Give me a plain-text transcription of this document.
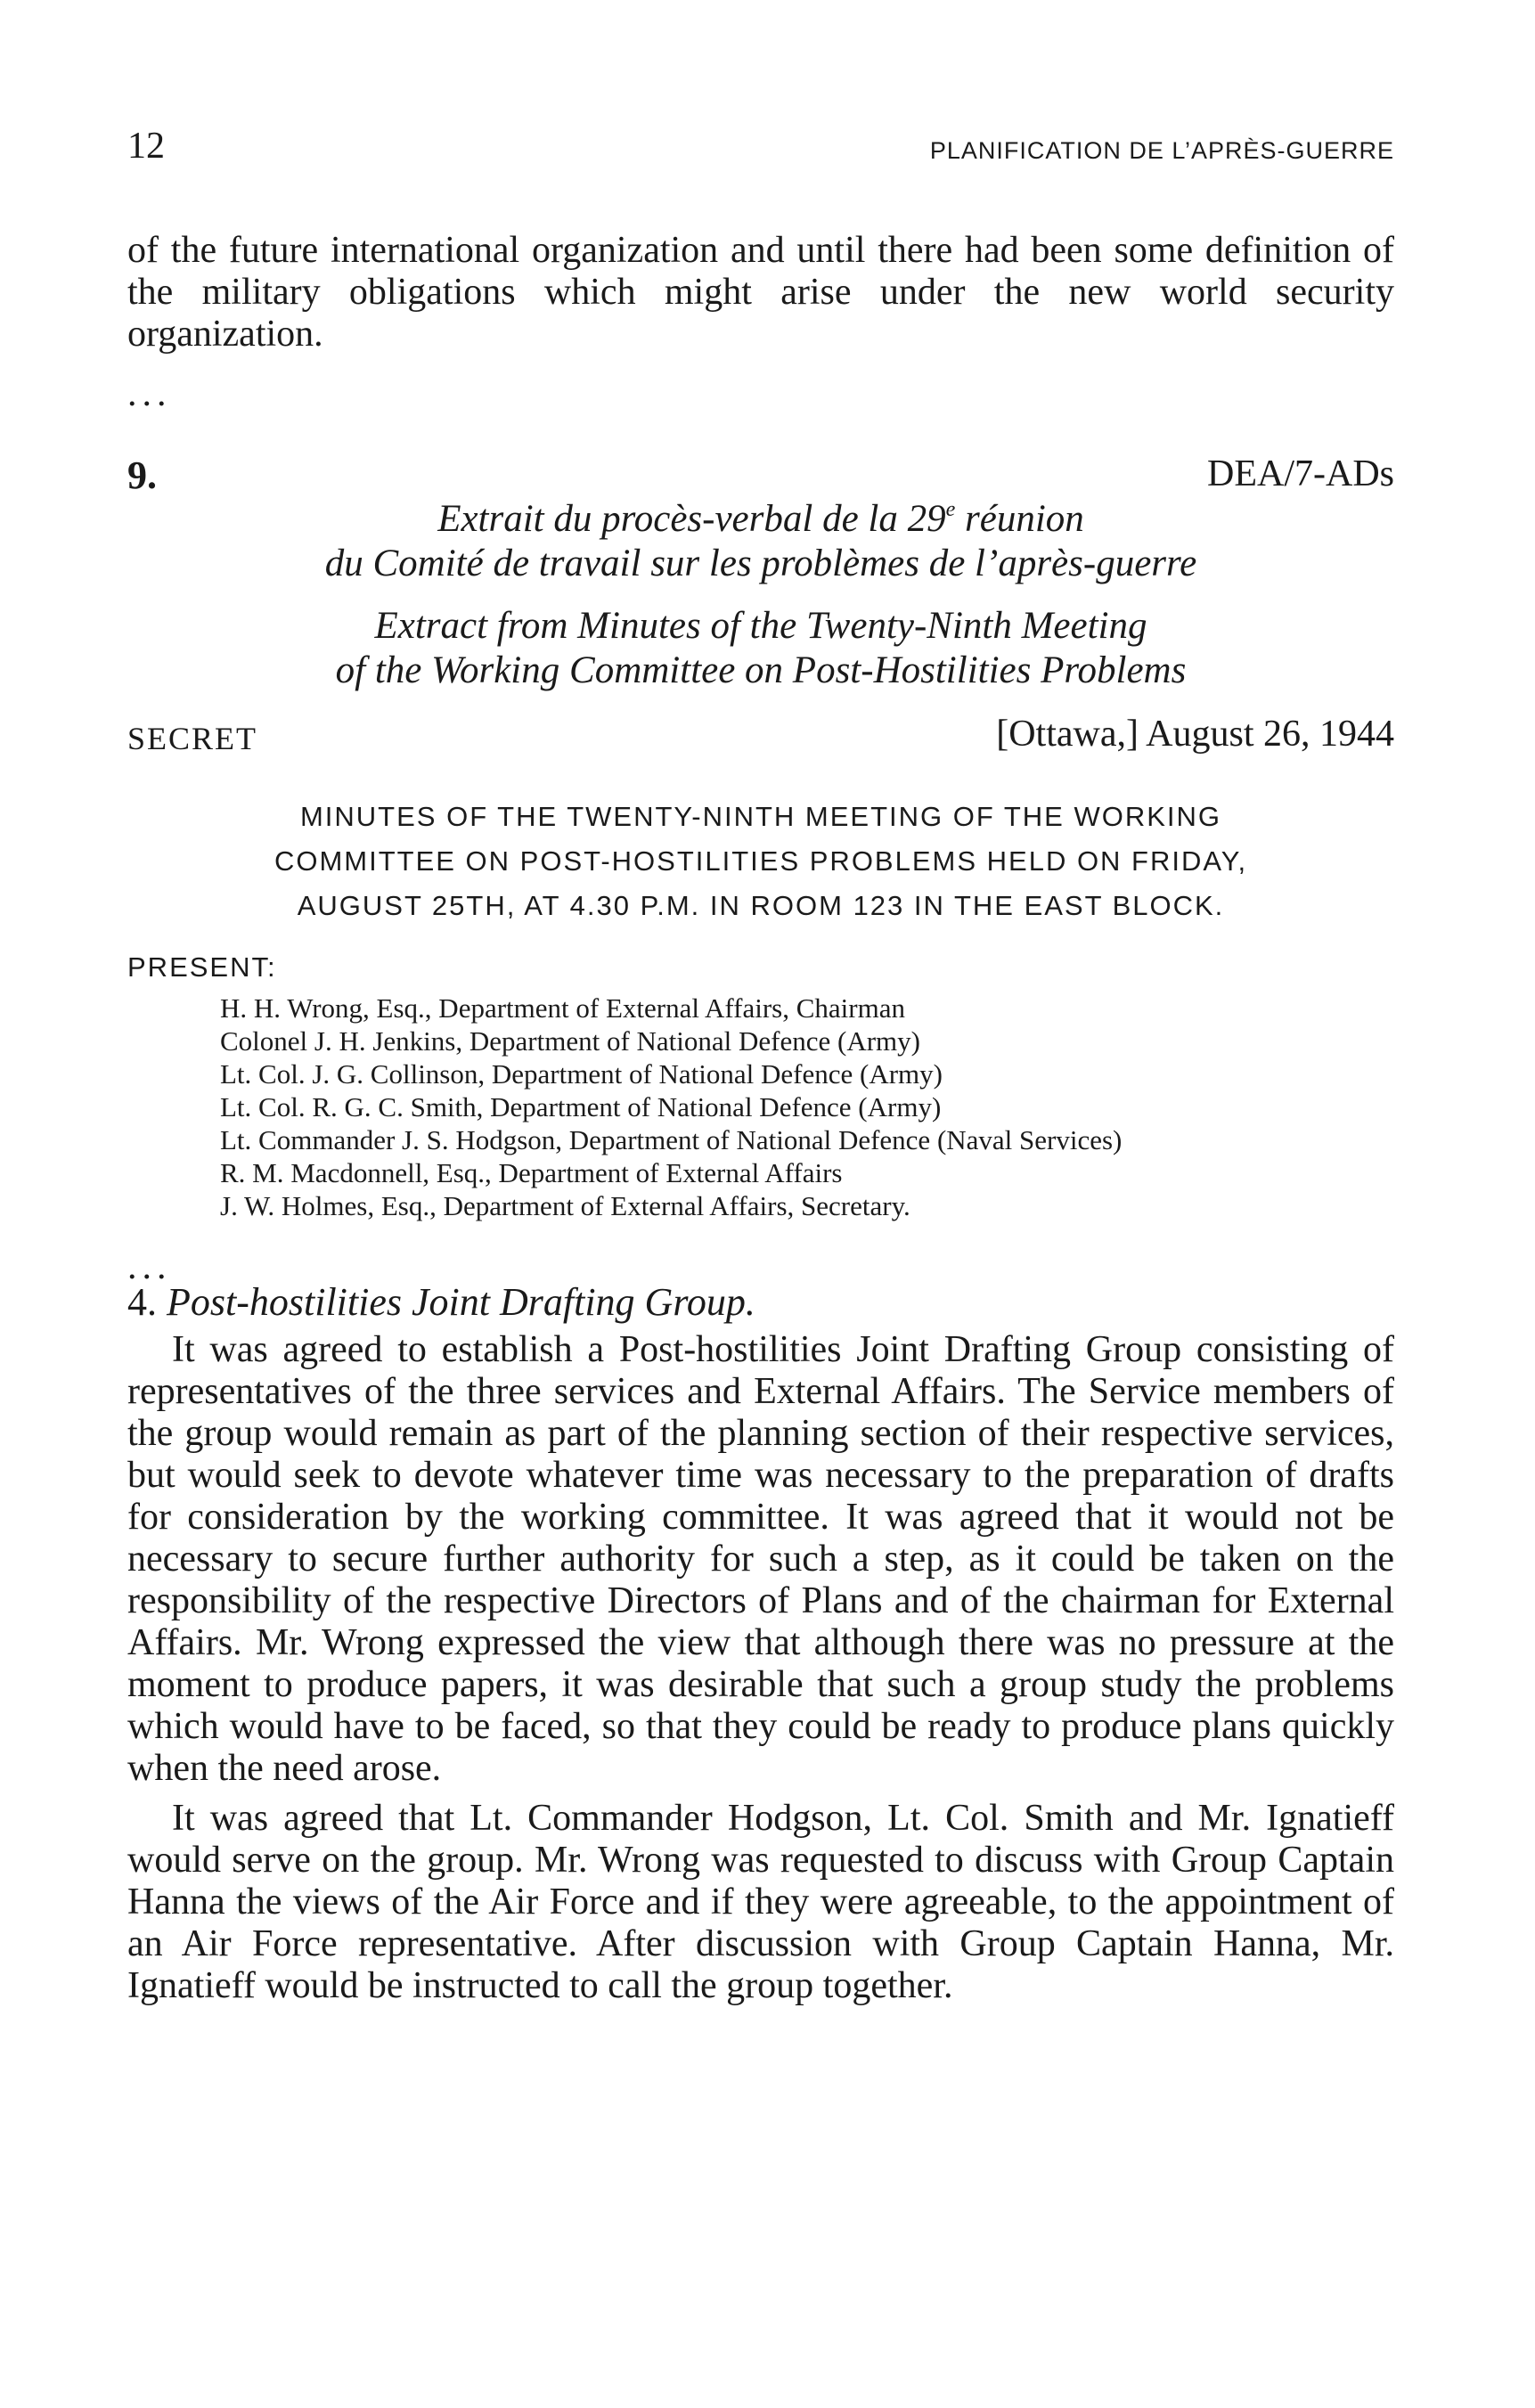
12	PLANIFICATION DE L’APRÈS-GUERRE

of the future international organization and until there had been some definition of the military obligations which might arise under the new world security organization.

...
9.	DEA/7-ADs
Extrait du procès-verbal de la 29e réunion
du Comité de travail sur les problèmes de l’après-guerre
Extract from Minutes of the Twenty-Ninth Meeting
of the Working Committee on Post-Hostilities Problems
SECRET	[Ottawa,] August 26, 1944
MINUTES OF THE TWENTY-NINTH MEETING OF THE WORKING
COMMITTEE ON POST-HOSTILITIES PROBLEMS HELD ON FRIDAY,
AUGUST 25TH, AT 4.30 P.M. IN ROOM 123 IN THE EAST BLOCK.
PRESENT:
H. H. Wrong, Esq., Department of External Affairs, Chairman
Colonel J. H. Jenkins, Department of National Defence (Army)
Lt. Col. J. G. Collinson, Department of National Defence (Army)
Lt. Col. R. G. C. Smith, Department of National Defence (Army)
Lt. Commander J. S. Hodgson, Department of National Defence (Naval Services)
R. M. Macdonnell, Esq., Department of External Affairs
J. W. Holmes, Esq., Department of External Affairs, Secretary.
...
4. Post-hostilities Joint Drafting Group.

It was agreed to establish a Post-hostilities Joint Drafting Group consisting of representatives of the three services and External Affairs. The Service members of the group would remain as part of the planning section of their respective services, but would seek to devote whatever time was necessary to the preparation of drafts for consideration by the working committee. It was agreed that it would not be necessary to secure further authority for such a step, as it could be taken on the responsibility of the respective Directors of Plans and of the chairman for External Affairs. Mr. Wrong expressed the view that although there was no pressure at the moment to produce papers, it was desirable that such a group study the problems which would have to be faced, so that they could be ready to produce plans quickly when the need arose.

It was agreed that Lt. Commander Hodgson, Lt. Col. Smith and Mr. Ignatieff would serve on the group. Mr. Wrong was requested to discuss with Group Captain Hanna the views of the Air Force and if they were agreeable, to the appointment of an Air Force representative. After discussion with Group Captain Hanna, Mr. Ignatieff would be instructed to call the group together.
